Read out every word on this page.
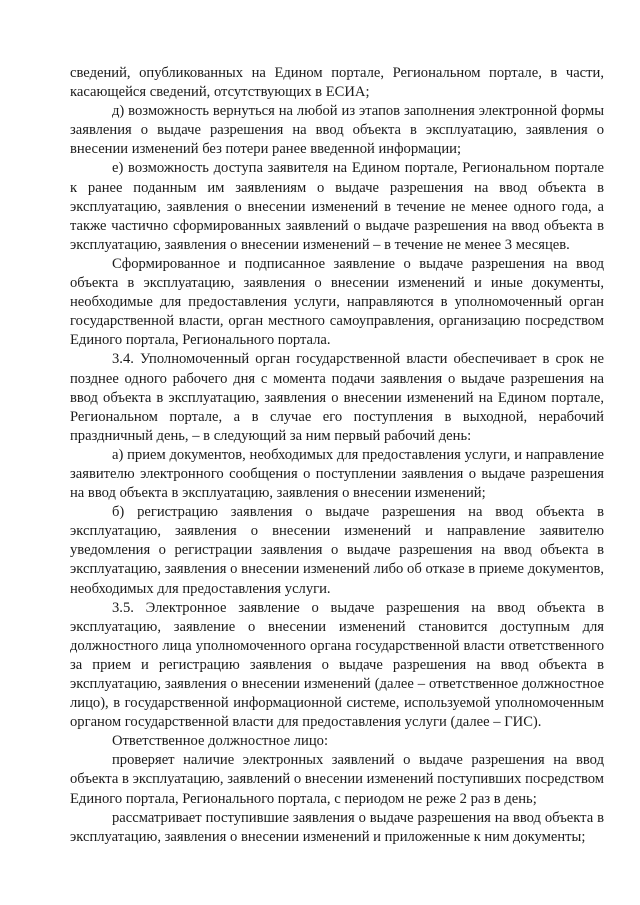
сведений, опубликованных на Едином портале, Региональном портале, в части, касающейся сведений, отсутствующих в ЕСИА;

д) возможность вернуться на любой из этапов заполнения электронной формы заявления о выдаче разрешения на ввод объекта в эксплуатацию, заявления о внесении изменений без потери ранее введенной информации;

е) возможность доступа заявителя на Едином портале, Региональном портале к ранее поданным им заявлениям о выдаче разрешения на ввод объекта в эксплуатацию, заявления о внесении изменений в течение не менее одного года, а также частично сформированных заявлений о выдаче разрешения на ввод объекта в эксплуатацию, заявления о внесении изменений – в течение не менее 3 месяцев.

Сформированное и подписанное заявление о выдаче разрешения на ввод объекта в эксплуатацию, заявления о внесении изменений и иные документы, необходимые для предоставления услуги, направляются в уполномоченный орган государственной власти, орган местного самоуправления, организацию посредством Единого портала, Регионального портала.

3.4. Уполномоченный орган государственной власти обеспечивает в срок не позднее одного рабочего дня с момента подачи заявления о выдаче разрешения на ввод объекта в эксплуатацию, заявления о внесении изменений на Едином портале, Региональном портале, а в случае его поступления в выходной, нерабочий праздничный день, – в следующий за ним первый рабочий день:

а) прием документов, необходимых для предоставления услуги, и направление заявителю электронного сообщения о поступлении заявления о выдаче разрешения на ввод объекта в эксплуатацию, заявления о внесении изменений;

б) регистрацию заявления о выдаче разрешения на ввод объекта в эксплуатацию, заявления о внесении изменений и направление заявителю уведомления о регистрации заявления о выдаче разрешения на ввод объекта в эксплуатацию, заявления о внесении изменений либо об отказе в приеме документов, необходимых для предоставления услуги.

3.5. Электронное заявление о выдаче разрешения на ввод объекта в эксплуатацию, заявление о внесении изменений становится доступным для должностного лица уполномоченного органа государственной власти ответственного за прием и регистрацию заявления о выдаче разрешения на ввод объекта в эксплуатацию, заявления о внесении изменений (далее – ответственное должностное лицо), в государственной информационной системе, используемой уполномоченным органом государственной власти для предоставления услуги (далее – ГИС).

Ответственное должностное лицо:

проверяет наличие электронных заявлений о выдаче разрешения на ввод объекта в эксплуатацию, заявлений о внесении изменений поступивших посредством Единого портала, Регионального портала, с периодом не реже 2 раз в день;

рассматривает поступившие заявления о выдаче разрешения на ввод объекта в эксплуатацию, заявления о внесении изменений и приложенные к ним документы;
